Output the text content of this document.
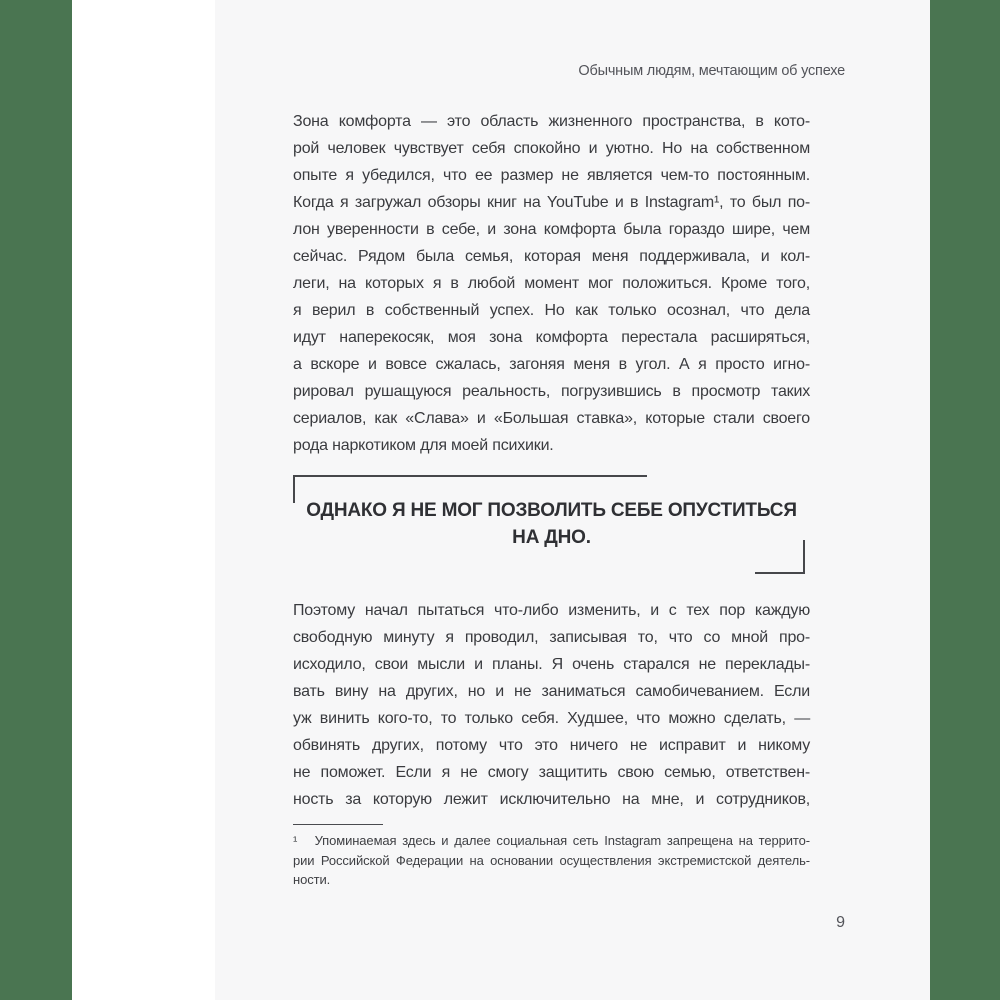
Обычным людям, мечтающим об успехе
Зона комфорта — это область жизненного пространства, в кото-
рой человек чувствует себя спокойно и уютно. Но на собственном
опыте я убедился, что ее размер не является чем-то постоянным.
Когда я загружал обзоры книг на YouTube и в Instagram¹, то был по-
лон уверенности в себе, и зона комфорта была гораздо шире, чем
сейчас. Рядом была семья, которая меня поддерживала, и кол-
леги, на которых я в любой момент мог положиться. Кроме того,
я верил в собственный успех. Но как только осознал, что дела
идут наперекосяк, моя зона комфорта перестала расширяться,
а вскоре и вовсе сжалась, загоняя меня в угол. А я просто игно-
рировал рушащуюся реальность, погрузившись в просмотр таких
сериалов, как «Слава» и «Большая ставка», которые стали своего
рода наркотиком для моей психики.
ОДНАКО Я НЕ МОГ ПОЗВОЛИТЬ СЕБЕ ОПУСТИТЬСЯ
НА ДНО.
Поэтому начал пытаться что-либо изменить, и с тех пор каждую
свободную минуту я проводил, записывая то, что со мной про-
исходило, свои мысли и планы. Я очень старался не переклады-
вать вину на других, но и не заниматься самобичеванием. Если
уж винить кого-то, то только себя. Худшее, что можно сделать, —
обвинять других, потому что это ничего не исправит и никому
не поможет. Если я не смогу защитить свою семью, ответствен-
ность за которую лежит исключительно на мне, и сотрудников,
¹   Упоминаемая здесь и далее социальная сеть Instagram запрещена на террито-
рии Российской Федерации на основании осуществления экстремистской деятель-
ности.
9
